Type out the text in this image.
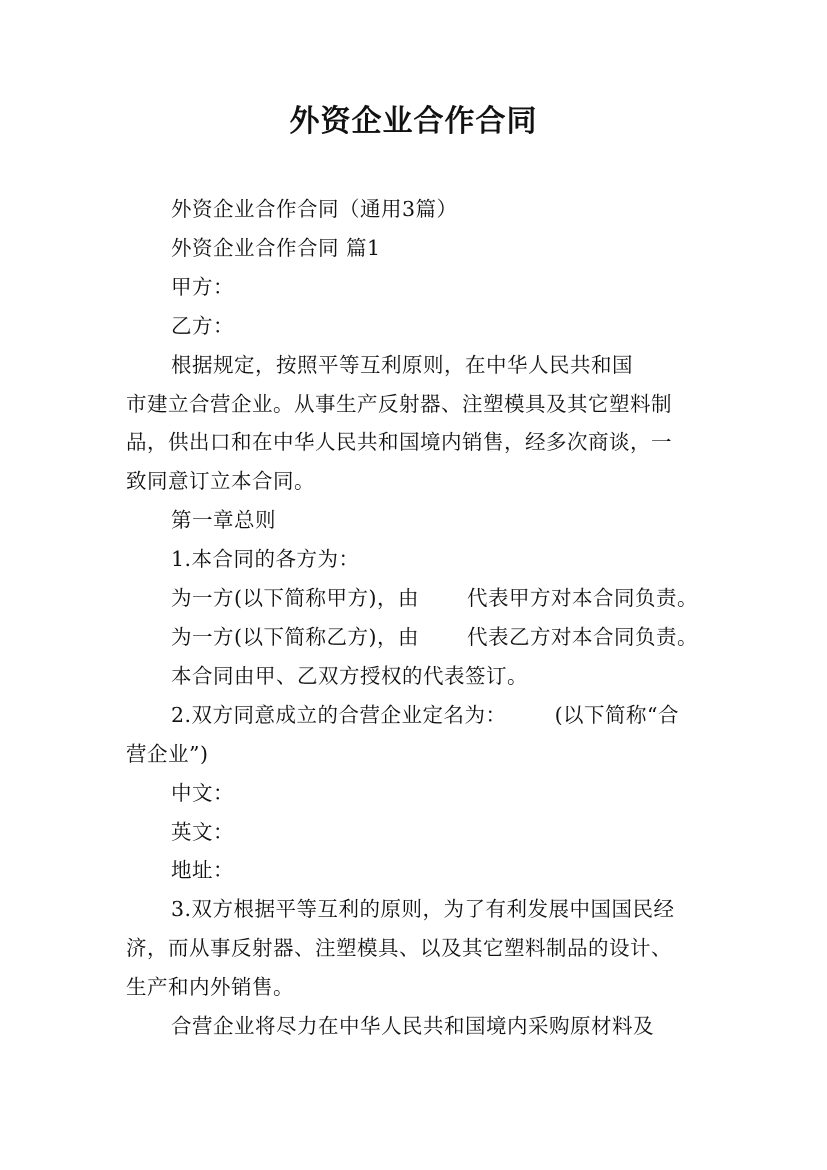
外资企业合作合同

外资企业合作合同（通用3篇）

外资企业合作合同 篇1

甲方：

乙方：

根据规定，按照平等互利原则，在中华人民共和国

市建立合营企业。从事生产反射器、注塑模具及其它塑料制

品，供出口和在中华人民共和国境内销售，经多次商谈，一

致同意订立本合同。

第一章总则

1.本合同的各方为：

为一方(以下简称甲方)，由 代表甲方对本合同负责。

为一方(以下简称乙方)，由 代表乙方对本合同负责。

本合同由甲、乙双方授权的代表签订。

2.双方同意成立的合营企业定名为： (以下简称“合

营企业”)

中文：

英文：

地址：

3.双方根据平等互利的原则，为了有利发展中国国民经

济，而从事反射器、注塑模具、以及其它塑料制品的设计、

生产和内外销售。

合营企业将尽力在中华人民共和国境内采购原材料及
